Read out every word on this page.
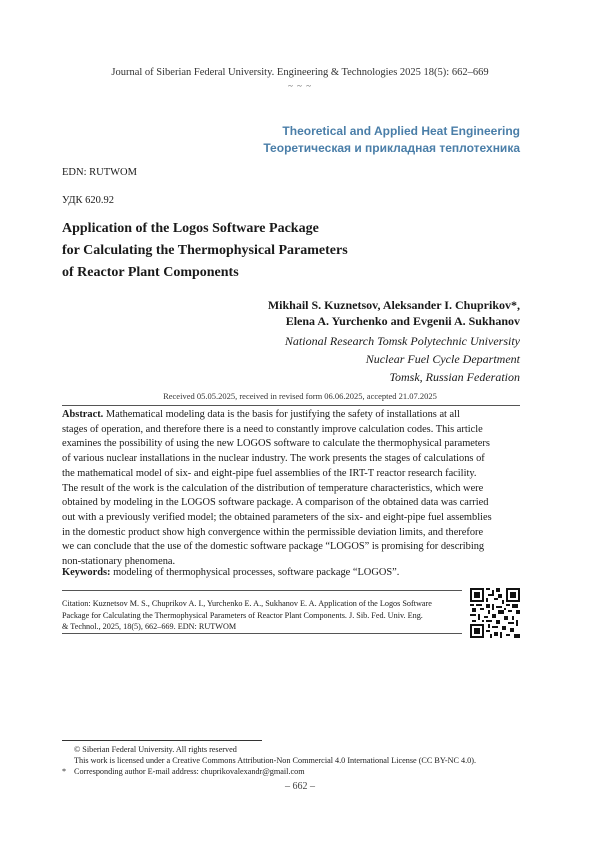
Journal of Siberian Federal University. Engineering & Technologies 2025 18(5): 662–669
~ ~ ~
Theoretical and Applied Heat Engineering
Теоретическая и прикладная теплотехника
EDN: RUTWOM
УДК 620.92
Application of the Logos Software Package
for Calculating the Thermophysical Parameters
of Reactor Plant Components
Mikhail S. Kuznetsov, Aleksander I. Chuprikov*,
Elena A. Yurchenko and Evgenii A. Sukhanov
National Research Tomsk Polytechnic University
Nuclear Fuel Cycle Department
Tomsk, Russian Federation
Received 05.05.2025, received in revised form 06.06.2025, accepted 21.07.2025
Abstract. Mathematical modeling data is the basis for justifying the safety of installations at all
stages of operation, and therefore there is a need to constantly improve calculation codes. This article
examines the possibility of using the new LOGOS software to calculate the thermophysical parameters
of various nuclear installations in the nuclear industry. The work presents the stages of calculations of
the mathematical model of six- and eight-pipe fuel assemblies of the IRT-T reactor research facility.
The result of the work is the calculation of the distribution of temperature characteristics, which were
obtained by modeling in the LOGOS software package. A comparison of the obtained data was carried
out with a previously verified model; the obtained parameters of the six- and eight-pipe fuel assemblies
in the domestic product show high convergence within the permissible deviation limits, and therefore
we can conclude that the use of the domestic software package “LOGOS” is promising for describing
non-stationary phenomena.
Keywords: modeling of thermophysical processes, software package “LOGOS”.
Citation: Kuznetsov M. S., Chuprikov A. I., Yurchenko E. A., Sukhanov E. A. Application of the Logos Software
Package for Calculating the Thermophysical Parameters of Reactor Plant Components. J. Sib. Fed. Univ. Eng.
& Technol., 2025, 18(5), 662–669. EDN: RUTWOM
© Siberian Federal University. All rights reserved
This work is licensed under a Creative Commons Attribution-Non Commercial 4.0 International License (CC BY-NC 4.0).
* Corresponding author E-mail address: chuprikovalexandr@gmail.com
– 662 –
